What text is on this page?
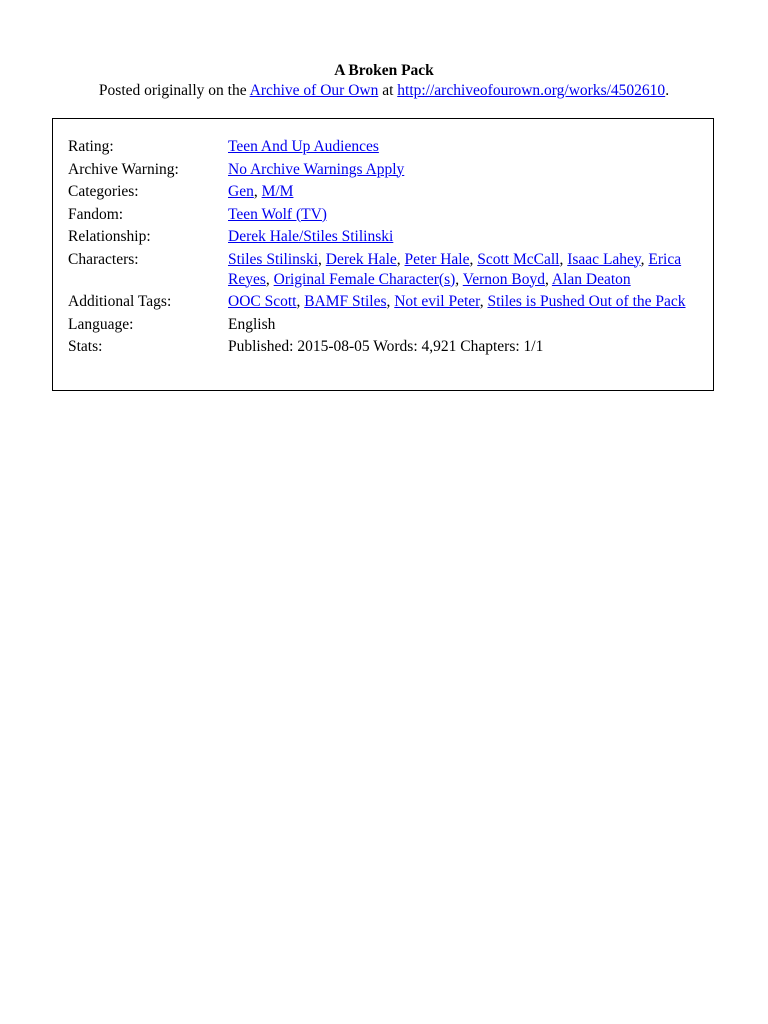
A Broken Pack
Posted originally on the Archive of Our Own at http://archiveofourown.org/works/4502610.
Rating:	Teen And Up Audiences
Archive Warning:	No Archive Warnings Apply
Categories:	Gen, M/M
Fandom:	Teen Wolf (TV)
Relationship:	Derek Hale/Stiles Stilinski
Characters:	Stiles Stilinski, Derek Hale, Peter Hale, Scott McCall, Isaac Lahey, Erica Reyes, Original Female Character(s), Vernon Boyd, Alan Deaton
Additional Tags:	OOC Scott, BAMF Stiles, Not evil Peter, Stiles is Pushed Out of the Pack
Language:	English
Stats:	Published: 2015-08-05 Words: 4,921 Chapters: 1/1
